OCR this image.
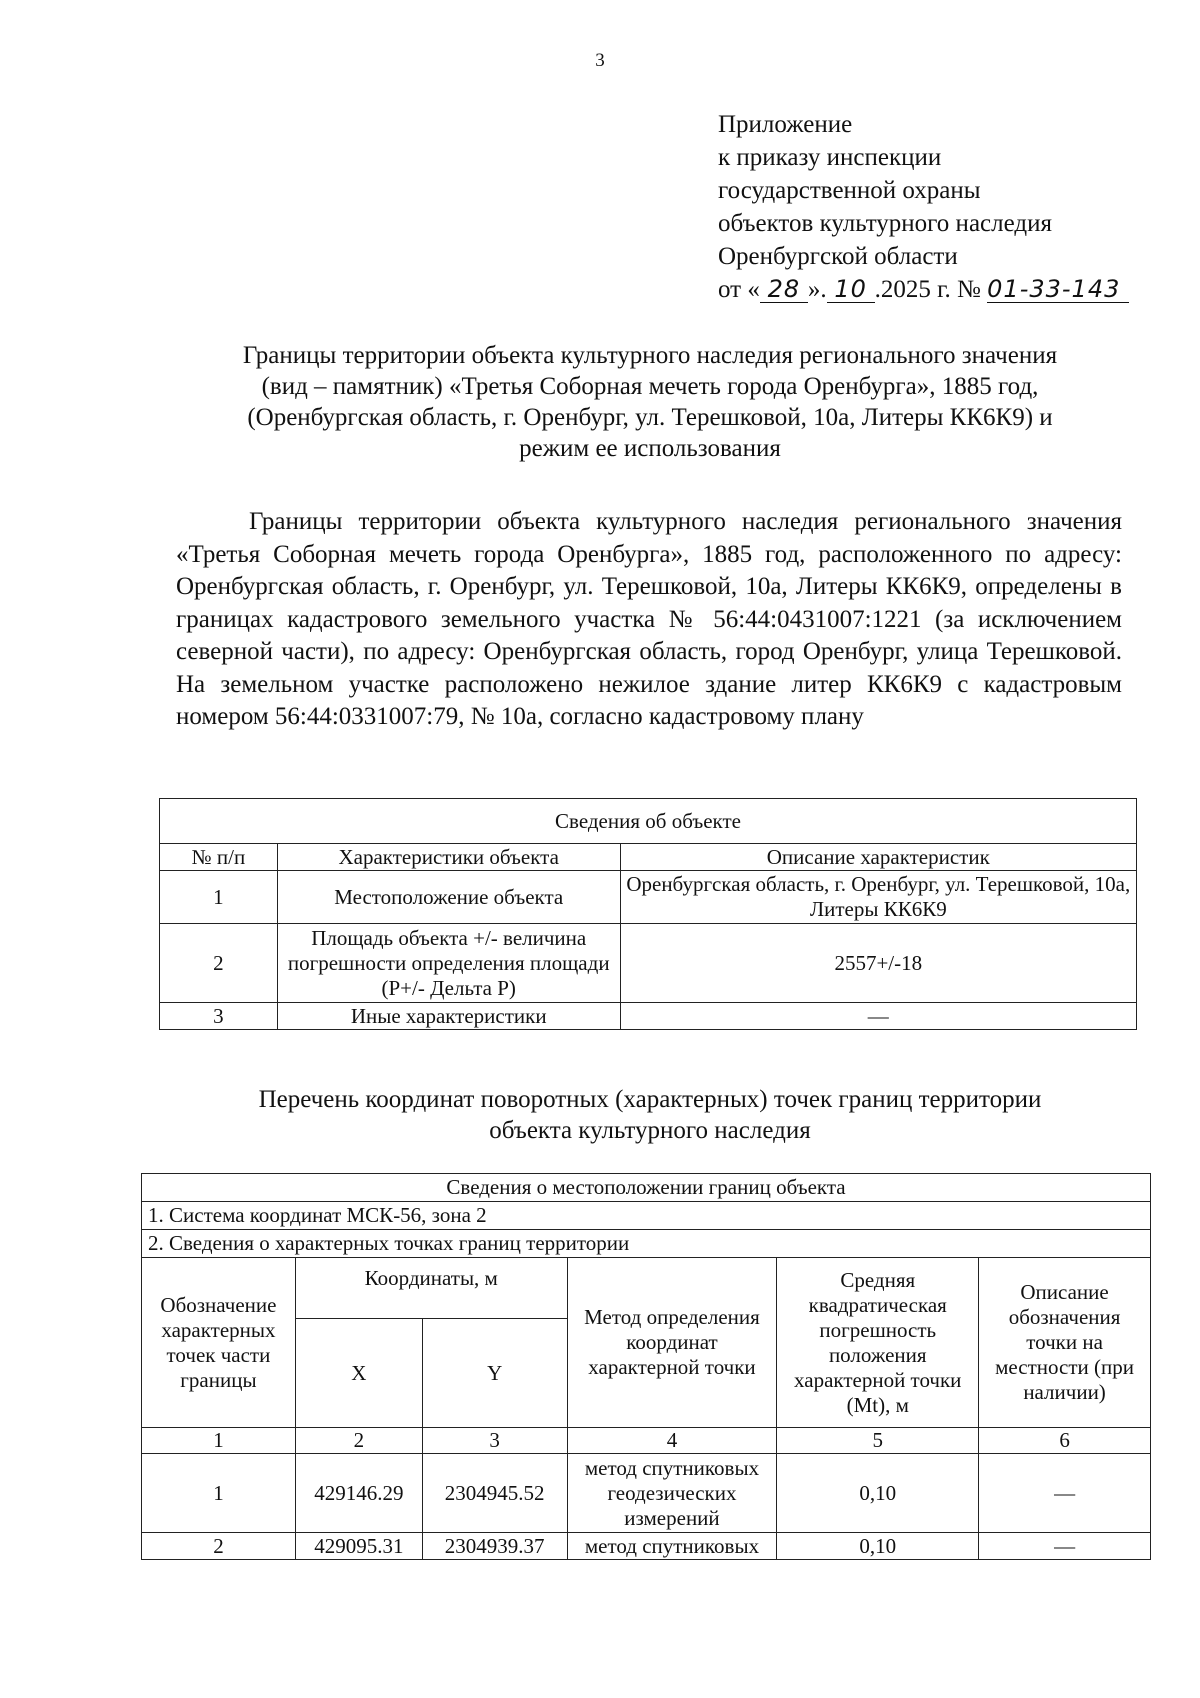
3
Приложение
к приказу инспекции
государственной охраны
объектов культурного наследия
Оренбургской области
от « 28 ». 10 .2025 г. № 01-33-143
Границы территории объекта культурного наследия регионального значения
(вид – памятник) «Третья Соборная мечеть города Оренбурга», 1885 год,
(Оренбургская область, г. Оренбург, ул. Терешковой, 10а, Литеры КК6К9) и
режим ее использования

Границы территории объекта культурного наследия регионального значения «Третья Соборная мечеть города Оренбурга», 1885 год, расположенного по адресу: Оренбургская область, г. Оренбург, ул. Терешковой, 10а, Литеры КК6К9, определены в границах кадастрового земельного участка № 56:44:0431007:1221 (за исключением северной части), по адресу: Оренбургская область, город Оренбург, улица Терешковой. На земельном участке расположено нежилое здание литер КК6К9 с кадастровым номером 56:44:0331007:79, № 10а, согласно кадастровому плану

Сведения об объекте		
№ п/п	Характеристики объекта	Описание характеристик
1	Местоположение объекта	Оренбургская область, г. Оренбург, ул. Терешковой, 10а, Литеры КК6К9
2	Площадь объекта +/- величина погрешности определения площади (Р+/- Дельта Р)	2557+/-18
3	Иные характеристики	—
Перечень координат поворотных (характерных) точек границ территории
объекта культурного наследия
Сведения о местоположении границ объекта					
1. Система координат МСК-56, зона 2					
2. Сведения о характерных точках границ территории					
Обозначение характерных точек части границы	Координаты, м		Метод определения координат характерной точки	Средняя квадратическая погрешность положения характерной точки (Mt), м	Описание обозначения точки на местности (при наличии)
	X	Y			
1	2	3	4	5	6
1	429146.29	2304945.52	метод спутниковых геодезических измерений	0,10	—
2	429095.31	2304939.37	метод спутниковых	0,10	—
